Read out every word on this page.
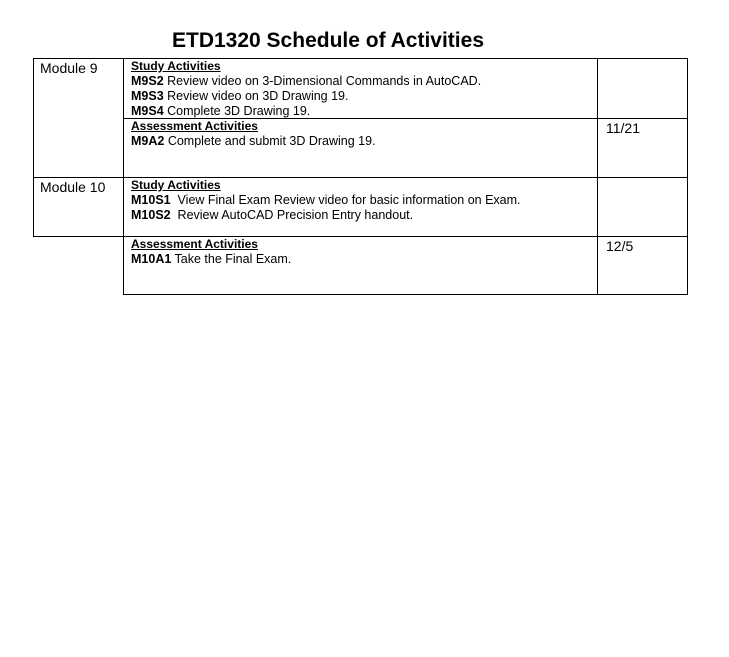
ETD1320 Schedule of Activities
Module 9	Study Activities
M9S2 Review video on 3-Dimensional Commands in AutoCAD.
M9S3 Review video on 3D Drawing 19.
M9S4 Complete 3D Drawing 19.
Assessment Activities
M9A2 Complete and submit 3D Drawing 19.
11/21
Module 10 Study Activities
M10S1  View Final Exam Review video for basic information on Exam.
M10S2  Review AutoCAD Precision Entry handout.
Assessment Activities
M10A1 Take the Final Exam.
12/5
